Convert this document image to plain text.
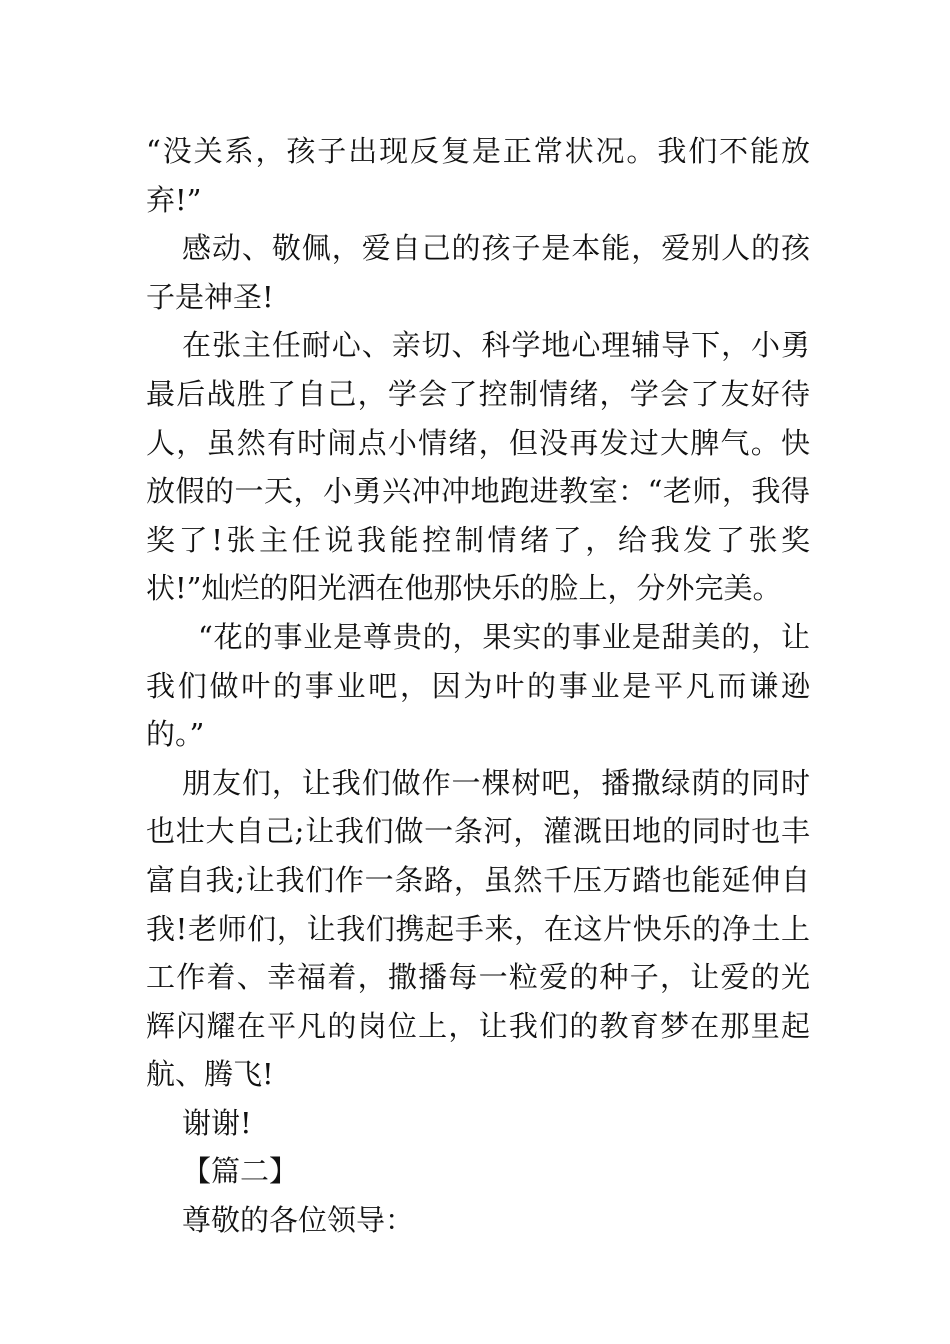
“没关系，孩子出现反复是正常状况。我们不能放弃!”

感动、敬佩，爱自己的孩子是本能，爱别人的孩子是神圣!

在张主任耐心、亲切、科学地心理辅导下，小勇最后战胜了自己，学会了控制情绪，学会了友好待人，虽然有时闹点小情绪，但没再发过大脾气。快放假的一天，小勇兴冲冲地跑进教室：“老师，我得奖了!张主任说我能控制情绪了，给我发了张奖状!”灿烂的阳光洒在他那快乐的脸上，分外完美。

“花的事业是尊贵的，果实的事业是甜美的，让我们做叶的事业吧，因为叶的事业是平凡而谦逊的。”

朋友们，让我们做作一棵树吧，播撒绿荫的同时也壮大自己;让我们做一条河，灌溉田地的同时也丰富自我;让我们作一条路，虽然千压万踏也能延伸自我!老师们，让我们携起手来，在这片快乐的净土上工作着、幸福着，撒播每一粒爱的种子，让爱的光辉闪耀在平凡的岗位上，让我们的教育梦在那里起航、腾飞!

谢谢!

【篇二】

尊敬的各位领导：
